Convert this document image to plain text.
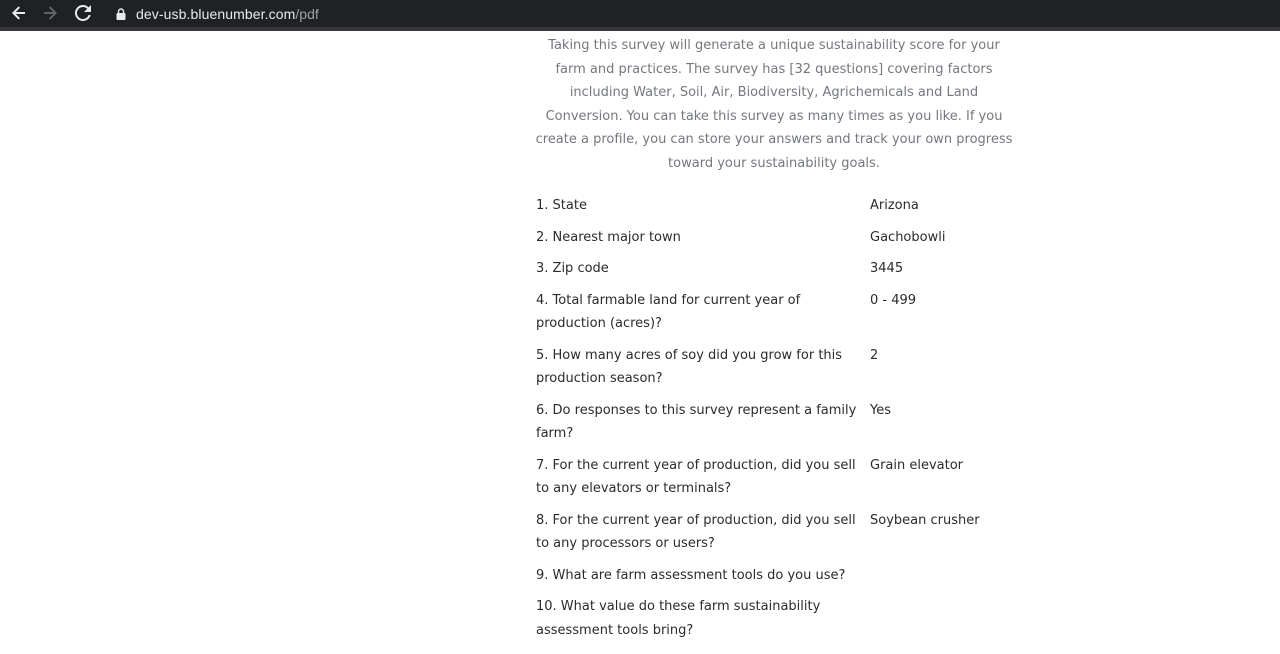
dev-usb.bluenumber.com /pdf

Taking this survey will generate a unique sustainability score for your farm and practices. The survey has [32 questions] covering factors including Water, Soil, Air, Biodiversity, Agrichemicals and Land Conversion. You can take this survey as many times as you like. If you create a profile, you can store your answers and track your own progress toward your sustainability goals.

1. State	Arizona
2. Nearest major town	Gachobowli
3. Zip code	3445
4. Total farmable land for current year of production (acres)?	0 - 499
5. How many acres of soy did you grow for this production season?	2
6. Do responses to this survey represent a family farm?	Yes
7. For the current year of production, did you sell to any elevators or terminals?	Grain elevator
8. For the current year of production, did you sell to any processors or users?	Soybean crusher
9. What are farm assessment tools do you use?	
10. What value do these farm sustainability assessment tools bring?	
